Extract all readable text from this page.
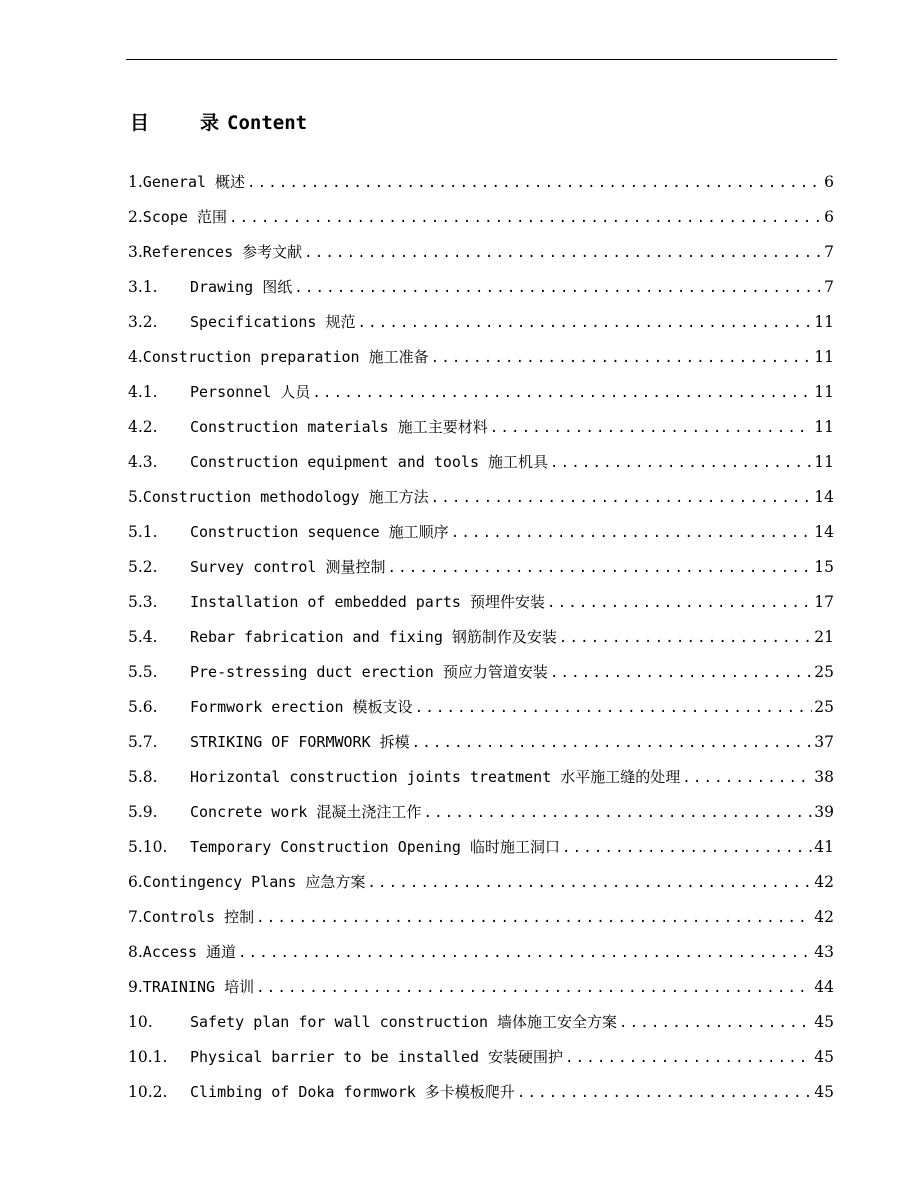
目	录 Content
1. General 概述 .....	6
2. Scope 范围 .....	6
3. References 参考文献 .....	7
3.1.	Drawing 图纸 .....	7
3.2.	Specifications 规范 .....	11
4. Construction preparation 施工准备 .....	11
4.1.	Personnel 人员 .....	11
4.2.	Construction materials 施工主要材料 .....	11
4.3.	Construction equipment and tools 施工机具 .....	11
5. Construction methodology 施工方法 .....	14
5.1.	Construction sequence 施工顺序 .....	14
5.2.	Survey control 测量控制 .....	15
5.3.	Installation of embedded parts 预埋件安装 .....	17
5.4.	Rebar fabrication and fixing 钢筋制作及安装 .....	21
5.5.	Pre-stressing duct erection 预应力管道安装 .....	25
5.6.	Formwork erection 模板支设 .....	25
5.7.	STRIKING OF FORMWORK 拆模 .....	37
5.8.	Horizontal construction joints treatment 水平施工缝的处理 .....	38
5.9.	Concrete work 混凝土浇注工作 .....	39
5.10.	Temporary Construction Opening 临时施工洞口 .....	41
6. Contingency Plans 应急方案 .....	42
7. Controls 控制 .....	42
8. Access 通道 .....	43
9. TRAINING 培训 .....	44
10.	Safety plan for wall construction 墙体施工安全方案 .....	45
10.1.	Physical barrier to be installed 安装硬围护 .....	45
10.2.	Climbing of Doka formwork 多卡模板爬升 .....	45
